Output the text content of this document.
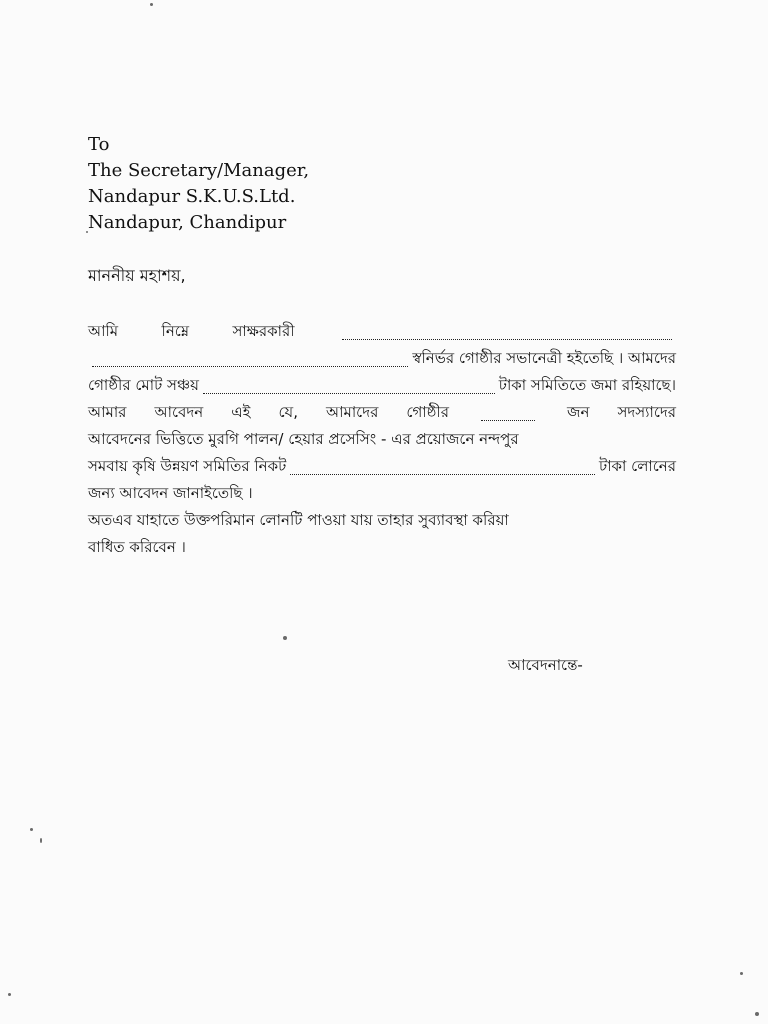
To
The Secretary/Manager,
Nandapur S.K.U.S.Ltd.
Nandapur, Chandipur
মাননীয় মহাশয়,
আমি	নিম্নে	সাক্ষরকারী
স্বনির্ভর গোষ্ঠীর সভানেত্রী হইতেছি । আমদের
গোষ্ঠীর মোট সঞ্চয়	টাকা সমিতিতে জমা রহিয়াছে।
আমার আবেদন এই যে, আমাদের গোষ্ঠীর	জন সদস্যাদের
আবেদনের ভিত্তিতে মুরগি পালন/ হেয়ার প্রসেসিং - এর প্রয়োজনে নন্দপুর
সমবায় কৃষি উন্নয়ণ সমিতির নিকট	টাকা লোনের
জন্য আবেদন জানাইতেছি ।
অতএব যাহাতে উক্তপরিমান লোনটি পাওয়া যায় তাহার সুব্যাবস্থা করিয়া
বাধিত করিবেন ।
আবেদনান্তে-
